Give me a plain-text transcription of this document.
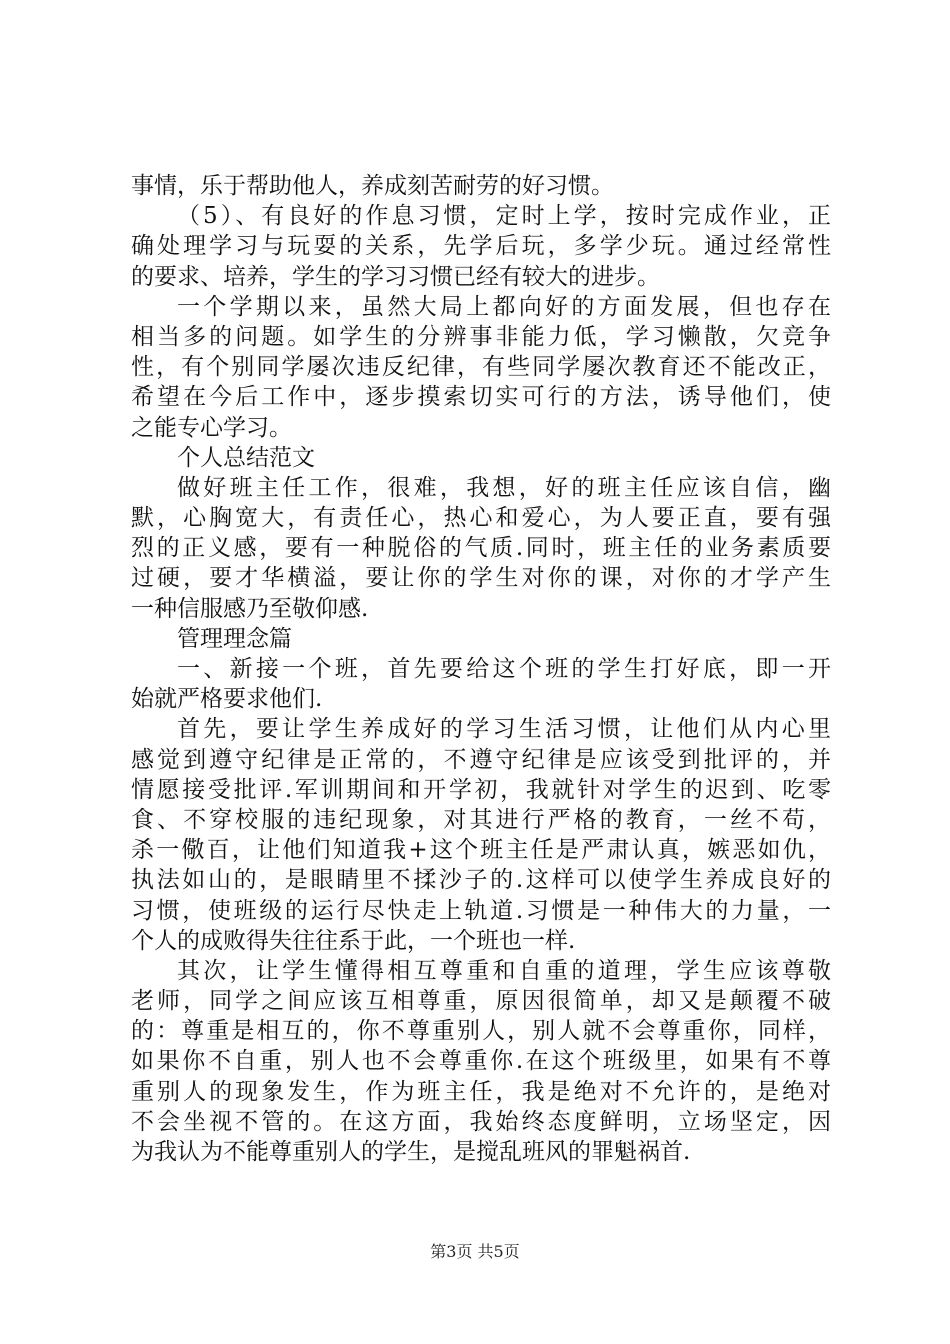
事情，乐于帮助他人，养成刻苦耐劳的好习惯。
（5）、有良好的作息习惯，定时上学，按时完成作业，正
确处理学习与玩耍的关系，先学后玩，多学少玩。通过经常性
的要求、培养，学生的学习习惯已经有较大的进步。
一个学期以来，虽然大局上都向好的方面发展，但也存在
相当多的问题。如学生的分辨事非能力低，学习懒散，欠竞争
性，有个别同学屡次违反纪律，有些同学屡次教育还不能改正，
希望在今后工作中，逐步摸索切实可行的方法，诱导他们，使
之能专心学习。
个人总结范文
做好班主任工作，很难，我想，好的班主任应该自信，幽
默，心胸宽大，有责任心，热心和爱心，为人要正直，要有强
烈的正义感，要有一种脱俗的气质.同时，班主任的业务素质要
过硬，要才华横溢，要让你的学生对你的课，对你的才学产生
一种信服感乃至敬仰感.
管理理念篇
一、新接一个班，首先要给这个班的学生打好底，即一开
始就严格要求他们.
首先，要让学生养成好的学习生活习惯，让他们从内心里
感觉到遵守纪律是正常的，不遵守纪律是应该受到批评的，并
情愿接受批评.军训期间和开学初，我就针对学生的迟到、吃零
食、不穿校服的违纪现象，对其进行严格的教育，一丝不苟，
杀一儆百，让他们知道我+这个班主任是严肃认真，嫉恶如仇，
执法如山的，是眼睛里不揉沙子的.这样可以使学生养成良好的
习惯，使班级的运行尽快走上轨道.习惯是一种伟大的力量，一
个人的成败得失往往系于此，一个班也一样.
其次，让学生懂得相互尊重和自重的道理，学生应该尊敬
老师，同学之间应该互相尊重，原因很简单，却又是颠覆不破
的：尊重是相互的，你不尊重别人，别人就不会尊重你，同样，
如果你不自重，别人也不会尊重你.在这个班级里，如果有不尊
重别人的现象发生，作为班主任，我是绝对不允许的，是绝对
不会坐视不管的。在这方面，我始终态度鲜明，立场坚定，因
为我认为不能尊重别人的学生，是搅乱班风的罪魁祸首.
第3页 共5页
